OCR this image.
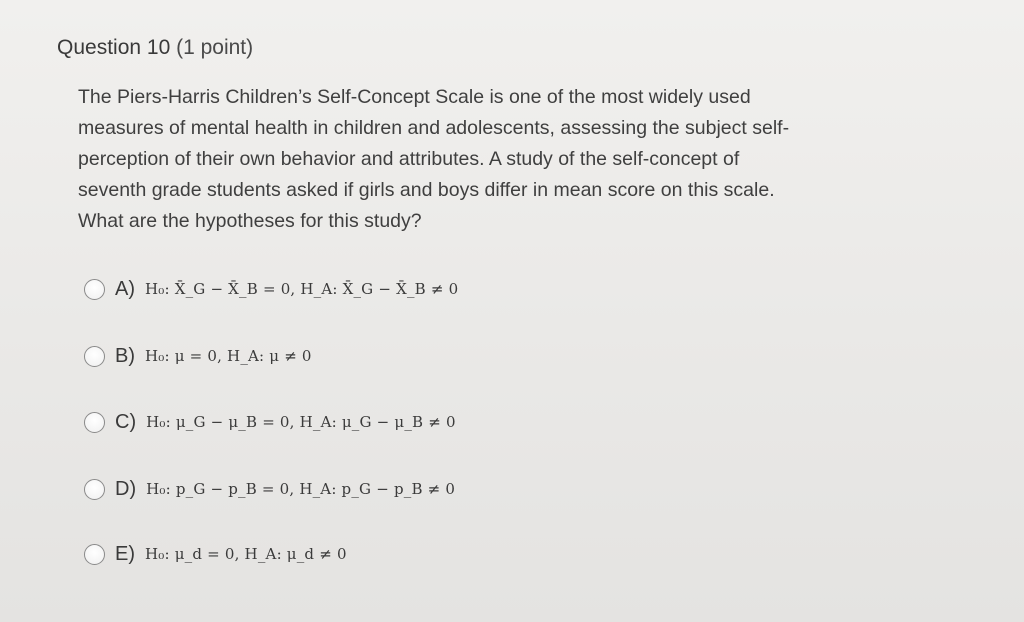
Question 10 (1 point)
The Piers-Harris Children’s Self-Concept Scale is one of the most widely used
measures of mental health in children and adolescents, assessing the subject self-
perception of their own behavior and attributes. A study of the self-concept of
seventh grade students asked if girls and boys differ in mean score on this scale.
What are the hypotheses for this study?
A) H₀: X̄_G − X̄_B = 0, H_A: X̄_G − X̄_B ≠ 0
B) H₀: μ = 0, H_A: μ ≠ 0
C) H₀: μ_G − μ_B = 0, H_A: μ_G − μ_B ≠ 0
D) H₀: p_G − p_B = 0, H_A: p_G − p_B ≠ 0
E) H₀: μ_d = 0, H_A: μ_d ≠ 0
